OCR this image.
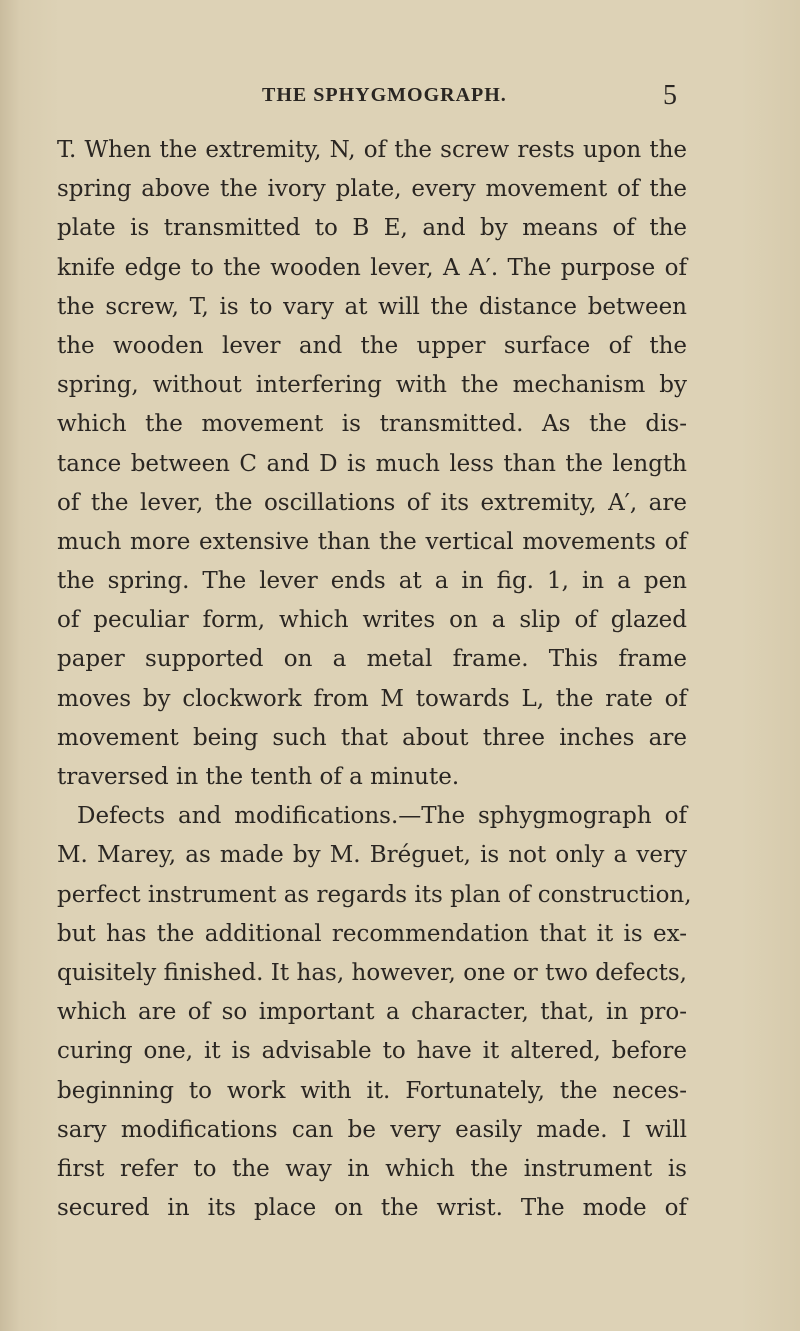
THE SPHYGMOGRAPH.	5
T. When the extremity, N, of the screw rests upon the
spring above the ivory plate, every movement of the
plate is transmitted to B E, and by means of the
knife edge to the wooden lever, A A′. The purpose of
the screw, T, is to vary at will the distance between
the wooden lever and the upper surface of the
spring, without interfering with the mechanism by
which the movement is transmitted. As the dis-
tance between C and D is much less than the length
of the lever, the oscillations of its extremity, A′, are
much more extensive than the vertical movements of
the spring. The lever ends at a in fig. 1, in a pen
of peculiar form, which writes on a slip of glazed
paper supported on a metal frame. This frame
moves by clockwork from M towards L, the rate of
movement being such that about three inches are
traversed in the tenth of a minute.
Defects and modifications.—The sphygmograph of
M. Marey, as made by M. Bréguet, is not only a very
perfect instrument as regards its plan of construction,
but has the additional recommendation that it is ex-
quisitely finished. It has, however, one or two defects,
which are of so important a character, that, in pro-
curing one, it is advisable to have it altered, before
beginning to work with it. Fortunately, the neces-
sary modifications can be very easily made. I will
first refer to the way in which the instrument is
secured in its place on the wrist. The mode of
